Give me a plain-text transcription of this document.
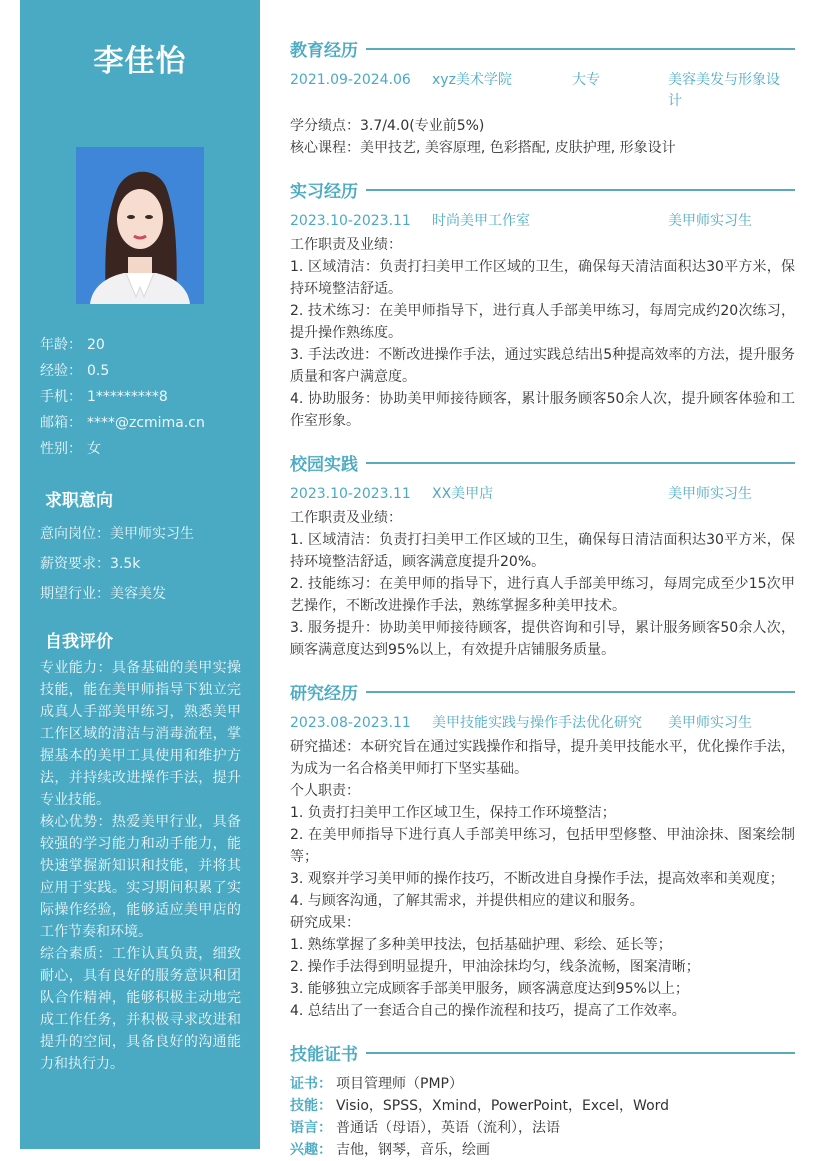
李佳怡
年龄： 20
经验： 0.5
手机： 1*********8
邮箱： ****@zcmima.cn
性别： 女
求职意向
意向岗位：美甲师实习生
薪资要求：3.5k
期望行业：美容美发
自我评价

专业能力：具备基础的美甲实操技能，能在美甲师指导下独立完成真人手部美甲练习，熟悉美甲工作区域的清洁与消毒流程，掌握基本的美甲工具使用和维护方法，并持续改进操作手法，提升专业技能。

核心优势：热爱美甲行业，具备较强的学习能力和动手能力，能快速掌握新知识和技能，并将其应用于实践。实习期间积累了实际操作经验，能够适应美甲店的工作节奏和环境。

综合素质：工作认真负责，细致耐心，具有良好的服务意识和团队合作精神，能够积极主动地完成工作任务，并积极寻求改进和提升的空间，具备良好的沟通能力和执行力。

教育经历
2021.09-2024.06 xyz美术学院	大专	美容美发与形象设计

学分绩点：3.7/4.0(专业前5%)

核心课程：美甲技艺, 美容原理, 色彩搭配, 皮肤护理, 形象设计

实习经历
2023.10-2023.11 时尚美甲工作室	美甲师实习生

工作职责及业绩：

1. 区域清洁：负责打扫美甲工作区域的卫生，确保每天清洁面积达30平方米，保持环境整洁舒适。

2. 技术练习：在美甲师指导下，进行真人手部美甲练习，每周完成约20次练习，提升操作熟练度。

3. 手法改进：不断改进操作手法，通过实践总结出5种提高效率的方法，提升服务质量和客户满意度。

4. 协助服务：协助美甲师接待顾客，累计服务顾客50余人次，提升顾客体验和工作室形象。

校园实践
2023.10-2023.11 XX美甲店	美甲师实习生

工作职责及业绩：

1. 区域清洁：负责打扫美甲工作区域的卫生，确保每日清洁面积达30平方米，保持环境整洁舒适，顾客满意度提升20%。

2. 技能练习：在美甲师的指导下，进行真人手部美甲练习，每周完成至少15次甲艺操作，不断改进操作手法，熟练掌握多种美甲技术。

3. 服务提升：协助美甲师接待顾客，提供咨询和引导，累计服务顾客50余人次，顾客满意度达到95%以上，有效提升店铺服务质量。

研究经历
2023.08-2023.11 美甲技能实践与操作手法优化研究 美甲师实习生

研究描述：本研究旨在通过实践操作和指导，提升美甲技能水平，优化操作手法，为成为一名合格美甲师打下坚实基础。

个人职责：

1. 负责打扫美甲工作区域卫生，保持工作环境整洁；

2. 在美甲师指导下进行真人手部美甲练习，包括甲型修整、甲油涂抹、图案绘制等；

3. 观察并学习美甲师的操作技巧，不断改进自身操作手法，提高效率和美观度；

4. 与顾客沟通，了解其需求，并提供相应的建议和服务。

研究成果：

1. 熟练掌握了多种美甲技法，包括基础护理、彩绘、延长等；

2. 操作手法得到明显提升，甲油涂抹均匀，线条流畅，图案清晰；

3. 能够独立完成顾客手部美甲服务，顾客满意度达到95%以上；

4. 总结出了一套适合自己的操作流程和技巧，提高了工作效率。

技能证书
证书： 项目管理师（PMP）
技能： Visio，SPSS，Xmind，PowerPoint，Excel，Word
语言： 普通话（母语），英语（流利），法语
兴趣： 吉他，钢琴，音乐，绘画
